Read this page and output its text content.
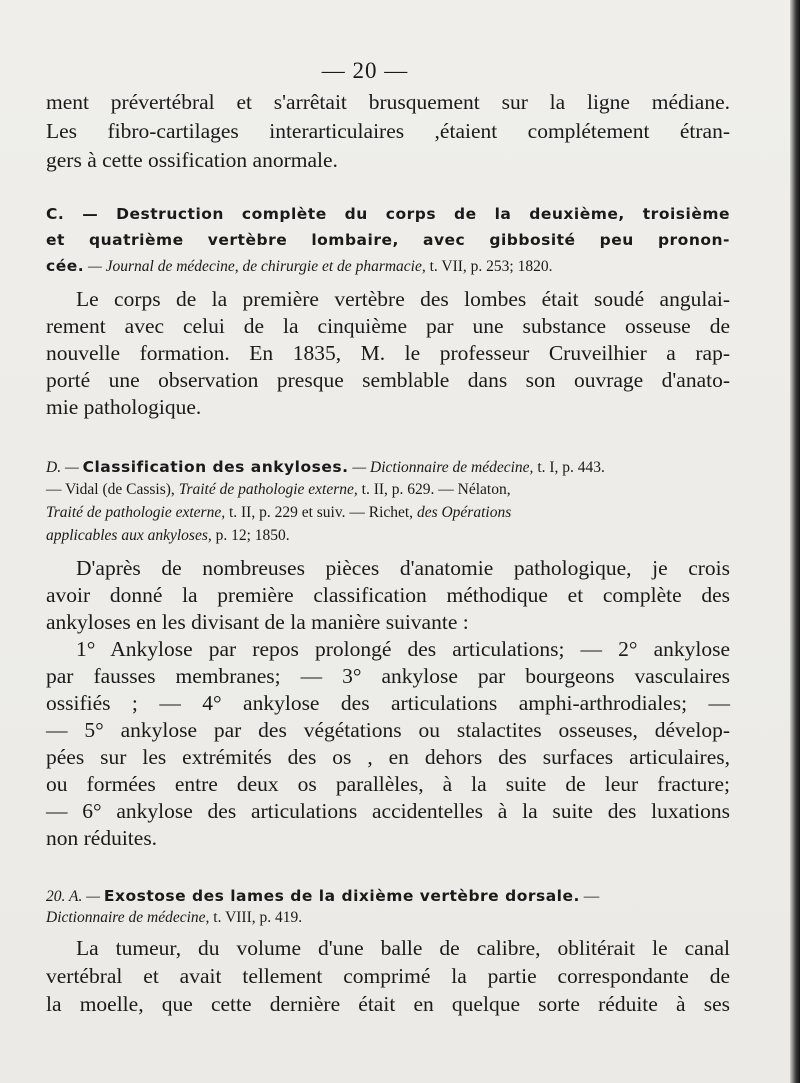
— 20 —
ment prévertébral et s'arrêtait brusquement sur la ligne médiane.
Les fibro-cartilages interarticulaires ,étaient complétement étran-
gers à cette ossification anormale.
C. — Destruction complète du corps de la deuxième, troisième
et quatrième vertèbre lombaire, avec gibbosité peu pronon-
cée. — Journal de médecine, de chirurgie et de pharmacie, t. VII, p. 253; 1820.
Le corps de la première vertèbre des lombes était soudé angulai-
rement avec celui de la cinquième par une substance osseuse de
nouvelle formation. En 1835, M. le professeur Cruveilhier a rap-
porté une observation presque semblable dans son ouvrage d'anato-
mie pathologique.
D. — Classification des ankyloses. — Dictionnaire de médecine, t. I, p. 443.
— Vidal (de Cassis), Traité de pathologie externe, t. II, p. 629. — Nélaton,
Traité de pathologie externe, t. II, p. 229 et suiv. — Richet, des Opérations
applicables aux ankyloses, p. 12; 1850.
D'après de nombreuses pièces d'anatomie pathologique, je crois
avoir donné la première classification méthodique et complète des
ankyloses en les divisant de la manière suivante :
1° Ankylose par repos prolongé des articulations; — 2° ankylose
par fausses membranes; — 3° ankylose par bourgeons vasculaires
ossifiés ; — 4° ankylose des articulations amphi-arthrodiales; —
— 5° ankylose par des végétations ou stalactites osseuses, dévelop-
pées sur les extrémités des os , en dehors des surfaces articulaires,
ou formées entre deux os parallèles, à la suite de leur fracture;
— 6° ankylose des articulations accidentelles à la suite des luxations
non réduites.
20. A. — Exostose des lames de la dixième vertèbre dorsale. —
Dictionnaire de médecine, t. VIII, p. 419.
La tumeur, du volume d'une balle de calibre, oblitérait le canal
vertébral et avait tellement comprimé la partie correspondante de
la moelle, que cette dernière était en quelque sorte réduite à ses
